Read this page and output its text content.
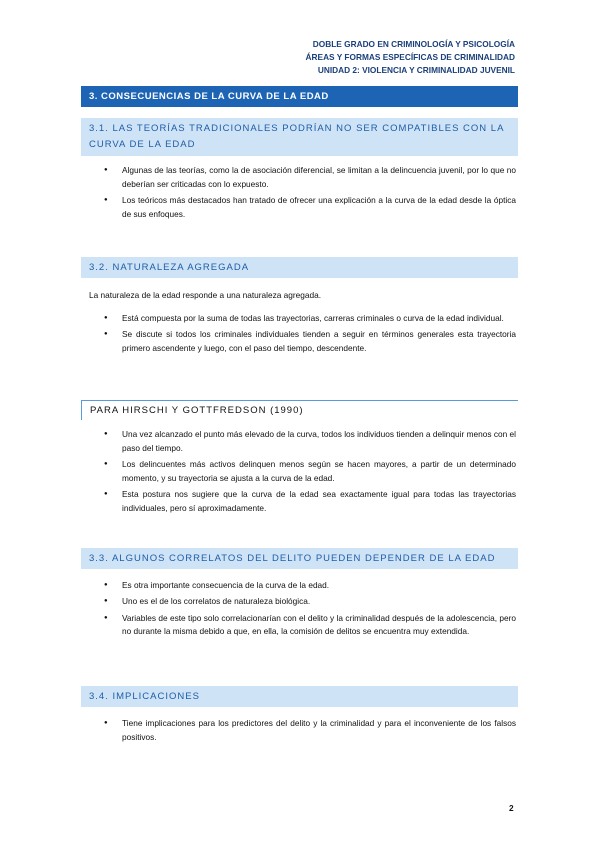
DOBLE GRADO EN CRIMINOLOGÍA Y PSICOLOGÍA
ÁREAS Y FORMAS ESPECÍFICAS DE CRIMINALIDAD
UNIDAD 2: VIOLENCIA Y CRIMINALIDAD JUVENIL
3. CONSECUENCIAS DE LA CURVA DE LA EDAD
3.1. LAS TEORÍAS TRADICIONALES PODRÍAN NO SER COMPATIBLES CON LA CURVA DE LA EDAD
● Algunas de las teorías, como la de asociación diferencial, se limitan a la delincuencia juvenil, por lo que no deberían ser criticadas con lo expuesto.
● Los teóricos más destacados han tratado de ofrecer una explicación a la curva de la edad desde la óptica de sus enfoques.
3.2. NATURALEZA AGREGADA
La naturaleza de la edad responde a una naturaleza agregada.
● Está compuesta por la suma de todas las trayectorias, carreras criminales o curva de la edad individual.
● Se discute si todos los criminales individuales tienden a seguir en términos generales esta trayectoria primero ascendente y luego, con el paso del tiempo, descendente.
PARA HIRSCHI Y GOTTFREDSON (1990)
● Una vez alcanzado el punto más elevado de la curva, todos los individuos tienden a delinquir menos con el paso del tiempo.
● Los delincuentes más activos delinquen menos según se hacen mayores, a partir de un determinado momento, y su trayectoria se ajusta a la curva de la edad.
● Esta postura nos sugiere que la curva de la edad sea exactamente igual para todas las trayectorias individuales, pero sí aproximadamente.
3.3. ALGUNOS CORRELATOS DEL DELITO PUEDEN DEPENDER DE LA EDAD
● Es otra importante consecuencia de la curva de la edad.
● Uno es el de los correlatos de naturaleza biológica.
● Variables de este tipo solo correlacionarían con el delito y la criminalidad después de la adolescencia, pero no durante la misma debido a que, en ella, la comisión de delitos se encuentra muy extendida.
3.4. IMPLICACIONES
● Tiene implicaciones para los predictores del delito y la criminalidad y para el inconveniente de los falsos positivos.
2
